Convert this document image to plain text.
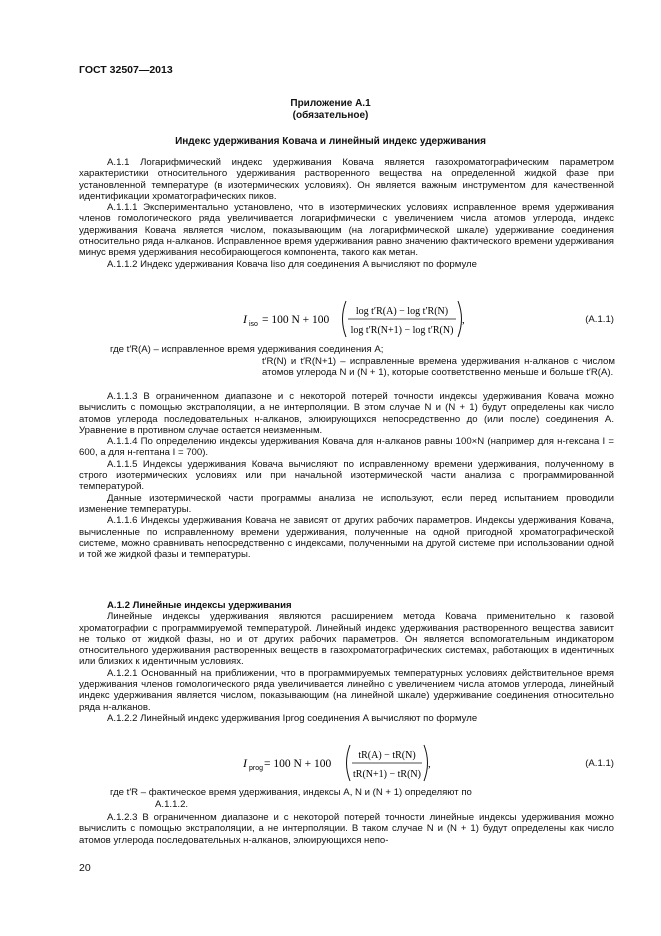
ГОСТ 32507—2013
Приложение А.1
(обязательное)
Индекс удерживания Ковача и линейный индекс удерживания

А.1.1 Логарифмический индекс удерживания Ковача является газохроматографическим параметром характеристики относительного удерживания растворенного вещества на определенной жидкой фазе при установленной температуре (в изотермических условиях). Он является важным инструментом для качественной идентификации хроматографических пиков.

А.1.1.1 Экспериментально установлено, что в изотермических условиях исправленное время удерживания членов гомологического ряда увеличивается логарифмически с увеличением числа атомов углерода, индекс удерживания Ковача является числом, показывающим (на логарифмической шкале) удерживание соединения относительно ряда н-алканов. Исправленное время удерживания равно значению фактического времени удерживания минус время удерживания несобирающегося компонента, такого как метан.

А.1.1.2 Индекс удерживания Ковача Iiso для соединения A вычисляют по формуле

I iso = 100 N + 100
log t′R(A) − log t′R(N)
log t′R(N+1) − log t′R(N)
,	(А.1.1)
где t′R(A) – исправленное время удерживания соединения A;
t′R(N) и t′R(N+1) – исправленные времена удерживания н-алканов с числом атомов углерода N и (N + 1), которые соответственно меньше и больше t′R(A).

А.1.1.3 В ограниченном диапазоне и с некоторой потерей точности индексы удерживания Ковача можно вычислить с помощью экстраполяции, а не интерполяции. В этом случае N и (N + 1) будут определены как число атомов углерода последовательных н-алканов, элюирующихся непосредственно до (или после) соединения A. Уравнение в противном случае остается неизменным.

А.1.1.4 По определению индексы удерживания Ковача для н-алканов равны 100×N (например для н-гексана I = 600, а для н-гептана I = 700).

А.1.1.5 Индексы удерживания Ковача вычисляют по исправленному времени удерживания, полученному в строго изотермических условиях или при начальной изотермической части анализа с программированной температурой.

Данные изотермической части программы анализа не используют, если перед испытанием проводили изменение температуры.

А.1.1.6 Индексы удерживания Ковача не зависят от других рабочих параметров. Индексы удерживания Ковача, вычисленные по исправленному времени удерживания, полученные на одной пригодной хроматографической системе, можно сравнивать непосредственно с индексами, полученными на другой системе при использовании одной и той же жидкой фазы и температуры.

А.1.2 Линейные индексы удерживания

Линейные индексы удерживания являются расширением метода Ковача применительно к газовой хроматографии с программируемой температурой. Линейный индекс удерживания растворенного вещества зависит не только от жидкой фазы, но и от других рабочих параметров. Он является вспомогательным индикатором относительного удерживания растворенных веществ в газохроматографических системах, работающих в идентичных или близких к идентичным условиях.

А.1.2.1 Основанный на приближении, что в программируемых температурных условиях действительное время удерживания членов гомологического ряда увеличивается линейно с увеличением числа атомов углерода, линейный индекс удерживания является числом, показывающим (на линейной шкале) удерживание соединения относительно ряда н-алканов.

А.1.2.2 Линейный индекс удерживания Iprog соединения A вычисляют по формуле

I prog = 100 N + 100
tR(A) − tR(N)
tR(N+1) − tR(N)
,	(А.1.1)
где t′R – фактическое время удерживания, индексы A, N и (N + 1) определяют по
А.1.1.2.

А.1.2.3 В ограниченном диапазоне и с некоторой потерей точности линейные индексы удерживания можно вычислить с помощью экстраполяции, а не интерполяции. В таком случае N и (N + 1) будут определены как число атомов углерода последовательных н-алканов, элюирующихся непо-

20
